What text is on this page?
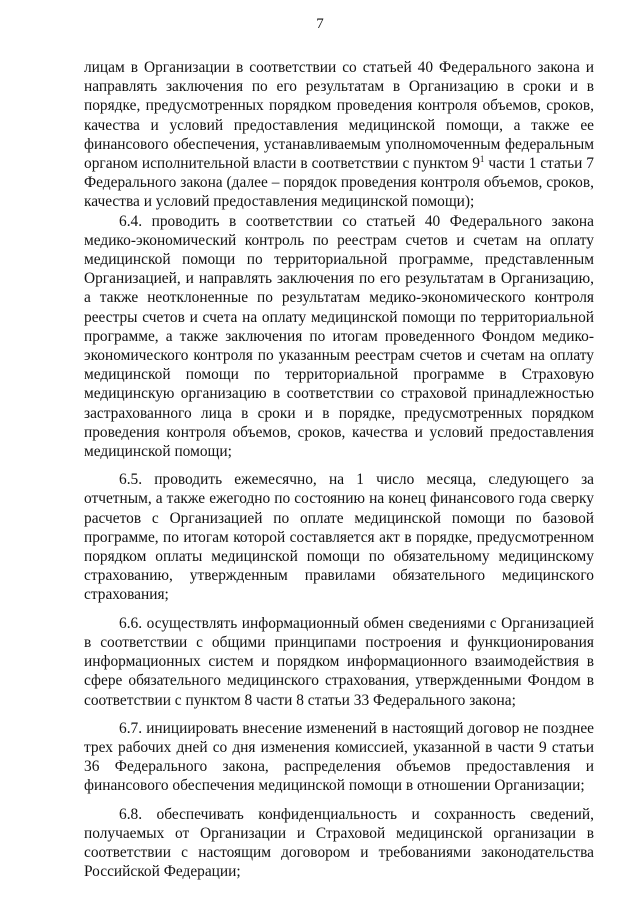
7

лицам в Организации в соответствии со статьей 40 Федерального закона и направлять заключения по его результатам в Организацию в сроки и в порядке, предусмотренных порядком проведения контроля объемов, сроков, качества и условий предоставления медицинской помощи, а также ее финансового обеспечения, устанавливаемым уполномоченным федеральным органом исполнительной власти в соответствии с пунктом $9^1$ части 1 статьи 7 Федерального закона (далее – порядок проведения контроля объемов, сроков, качества и условий предоставления медицинской помощи);

6.4. проводить в соответствии со статьей 40 Федерального закона медико-экономический контроль по реестрам счетов и счетам на оплату медицинской помощи по территориальной программе, представленным Организацией, и направлять заключения по его результатам в Организацию, а также неотклоненные по результатам медико-экономического контроля реестры счетов и счета на оплату медицинской помощи по территориальной программе, а также заключения по итогам проведенного Фондом медико-экономического контроля по указанным реестрам счетов и счетам на оплату медицинской помощи по территориальной программе в Страховую медицинскую организацию в соответствии со страховой принадлежностью застрахованного лица в сроки и в порядке, предусмотренных порядком проведения контроля объемов, сроков, качества и условий предоставления медицинской помощи;

6.5. проводить ежемесячно, на 1 число месяца, следующего за отчетным, а также ежегодно по состоянию на конец финансового года сверку расчетов с Организацией по оплате медицинской помощи по базовой программе, по итогам которой составляется акт в порядке, предусмотренном порядком оплаты медицинской помощи по обязательному медицинскому страхованию, утвержденным правилами обязательного медицинского страхования;

6.6. осуществлять информационный обмен сведениями с Организацией в соответствии с общими принципами построения и функционирования информационных систем и порядком информационного взаимодействия в сфере обязательного медицинского страхования, утвержденными Фондом в соответствии с пунктом 8 части 8 статьи 33 Федерального закона;

6.7. инициировать внесение изменений в настоящий договор не позднее трех рабочих дней со дня изменения комиссией, указанной в части 9 статьи 36 Федерального закона, распределения объемов предоставления и финансового обеспечения медицинской помощи в отношении Организации;

6.8. обеспечивать конфиденциальность и сохранность сведений, получаемых от Организации и Страховой медицинской организации в соответствии с настоящим договором и требованиями законодательства Российской Федерации;
